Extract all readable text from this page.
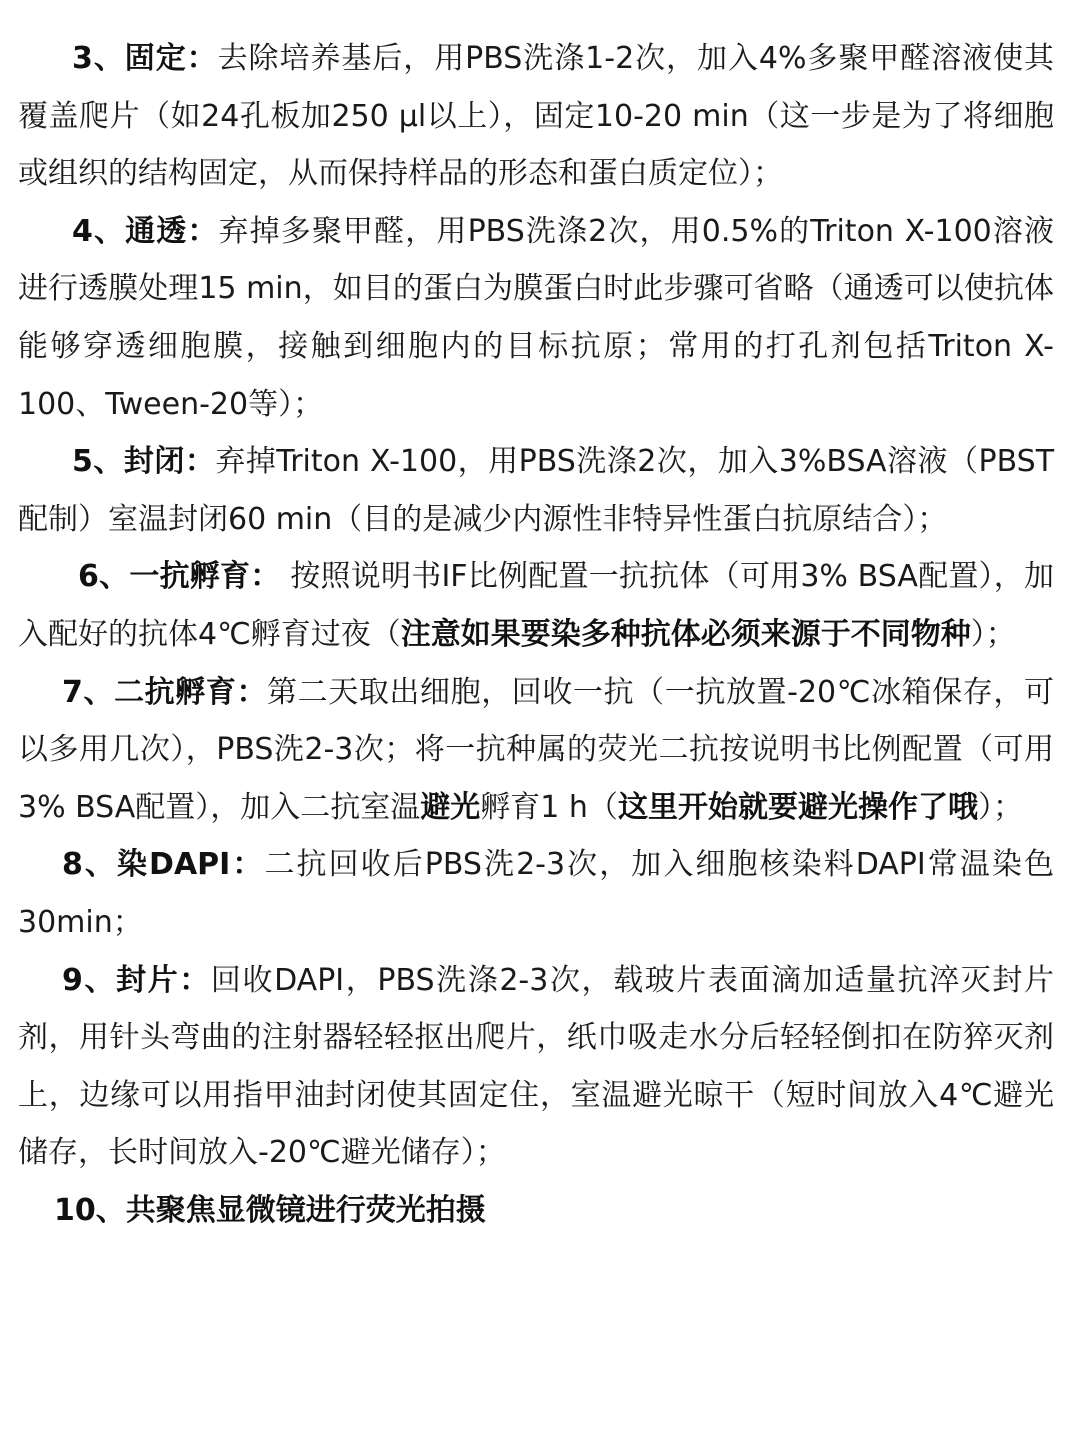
3、固定：去除培养基后，用PBS洗涤1-2次，加入4%多聚甲醛溶液使其覆盖爬片（如24孔板加250 μl以上），固定10-20 min（这一步是为了将细胞或组织的结构固定，从而保持样品的形态和蛋白质定位）；

4、通透：弃掉多聚甲醛，用PBS洗涤2次，用0.5%的Triton X-100溶液进行透膜处理15 min，如目的蛋白为膜蛋白时此步骤可省略（通透可以使抗体能够穿透细胞膜，接触到细胞内的目标抗原；常用的打孔剂包括Triton X-100、Tween-20等）；

5、封闭：弃掉Triton X-100，用PBS洗涤2次，加入3%BSA溶液（PBST配制）室温封闭60 min（目的是减少内源性非特异性蛋白抗原结合）；

6、一抗孵育： 按照说明书IF比例配置一抗抗体（可用3% BSA配置），加入配好的抗体4℃孵育过夜（注意如果要染多种抗体必须来源于不同物种）；

7、二抗孵育：第二天取出细胞，回收一抗（一抗放置-20℃冰箱保存，可以多用几次），PBS洗2-3次；将一抗种属的荧光二抗按说明书比例配置（可用3% BSA配置），加入二抗室温避光孵育1 h（这里开始就要避光操作了哦）；

8、染DAPI：二抗回收后PBS洗2-3次，加入细胞核染料DAPI常温染色30min；

9、封片：回收DAPI，PBS洗涤2-3次，载玻片表面滴加适量抗淬灭封片剂，用针头弯曲的注射器轻轻抠出爬片，纸巾吸走水分后轻轻倒扣在防猝灭剂上，边缘可以用指甲油封闭使其固定住，室温避光晾干（短时间放入4℃避光储存，长时间放入-20℃避光储存）；

10、共聚焦显微镜进行荧光拍摄
